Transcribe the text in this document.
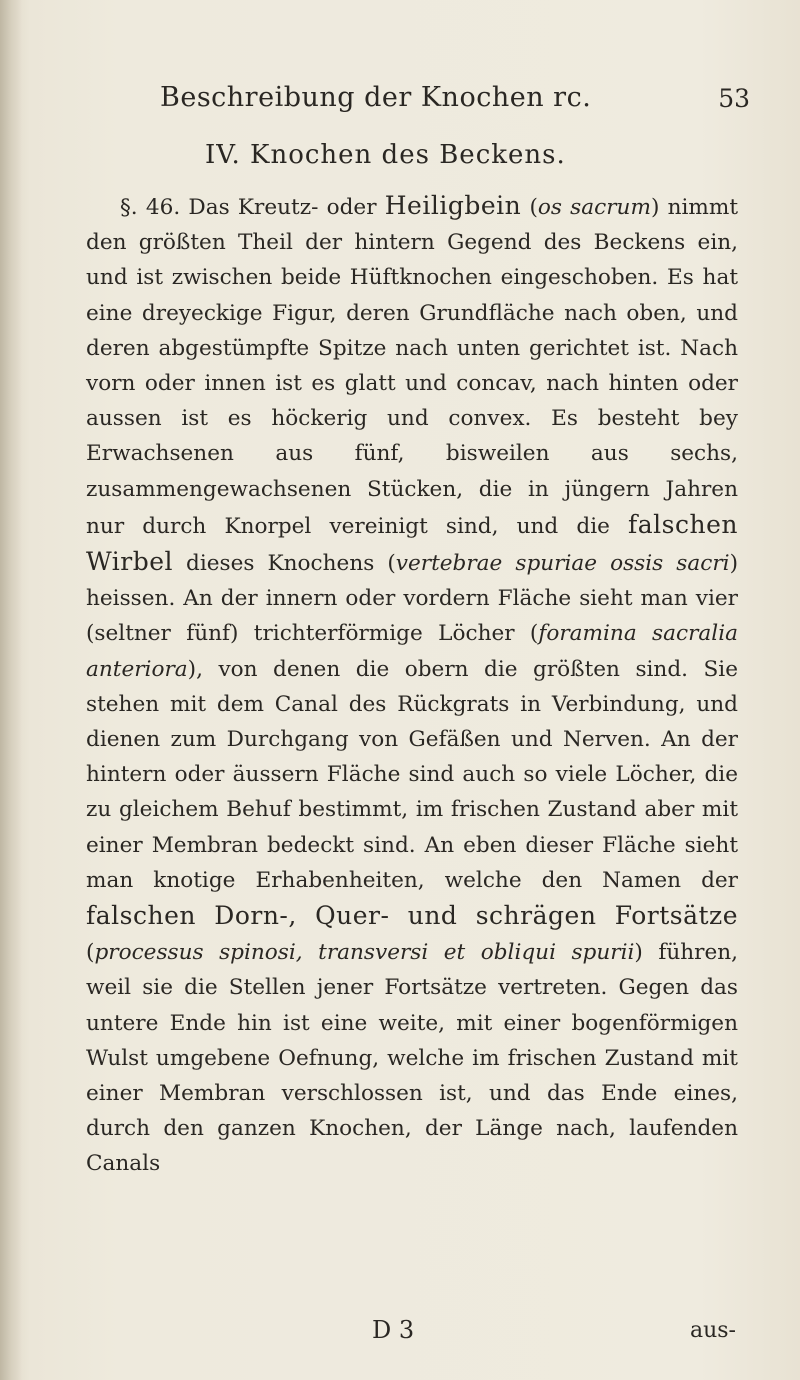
Beschreibung der Knochen rc.	53
IV. Knochen des Beckens.

§. 46. Das Kreutz- oder Heiligbein (os sacrum) nimmt den größten Theil der hintern Gegend des Beckens ein, und ist zwischen beide Hüftknochen eingeschoben. Es hat eine dreyeckige Figur, deren Grundfläche nach oben, und deren abgestümpfte Spitze nach unten gerichtet ist. Nach vorn oder innen ist es glatt und concav, nach hinten oder aussen ist es höckerig und convex. Es besteht bey Erwachsenen aus fünf, bisweilen aus sechs, zusammengewachsenen Stücken, die in jüngern Jahren nur durch Knorpel vereinigt sind, und die falschen Wirbel dieses Knochens (vertebrae spuriae ossis sacri) heissen. An der innern oder vordern Fläche sieht man vier (seltner fünf) trichterförmige Löcher (foramina sacralia anteriora), von denen die obern die größten sind. Sie stehen mit dem Canal des Rückgrats in Verbindung, und dienen zum Durchgang von Gefäßen und Nerven. An der hintern oder äussern Fläche sind auch so viele Löcher, die zu gleichem Behuf bestimmt, im frischen Zustand aber mit einer Membran bedeckt sind. An eben dieser Fläche sieht man knotige Erhabenheiten, welche den Namen der falschen Dorn-, Quer- und schrägen Fortsätze (processus spinosi, transversi et obliqui spurii) führen, weil sie die Stellen jener Fortsätze vertreten. Gegen das untere Ende hin ist eine weite, mit einer bogenförmigen Wulst umgebene Oefnung, welche im frischen Zustand mit einer Membran verschlossen ist, und das Ende eines, durch den ganzen Knochen, der Länge nach, laufenden Canals

D 3	aus-
